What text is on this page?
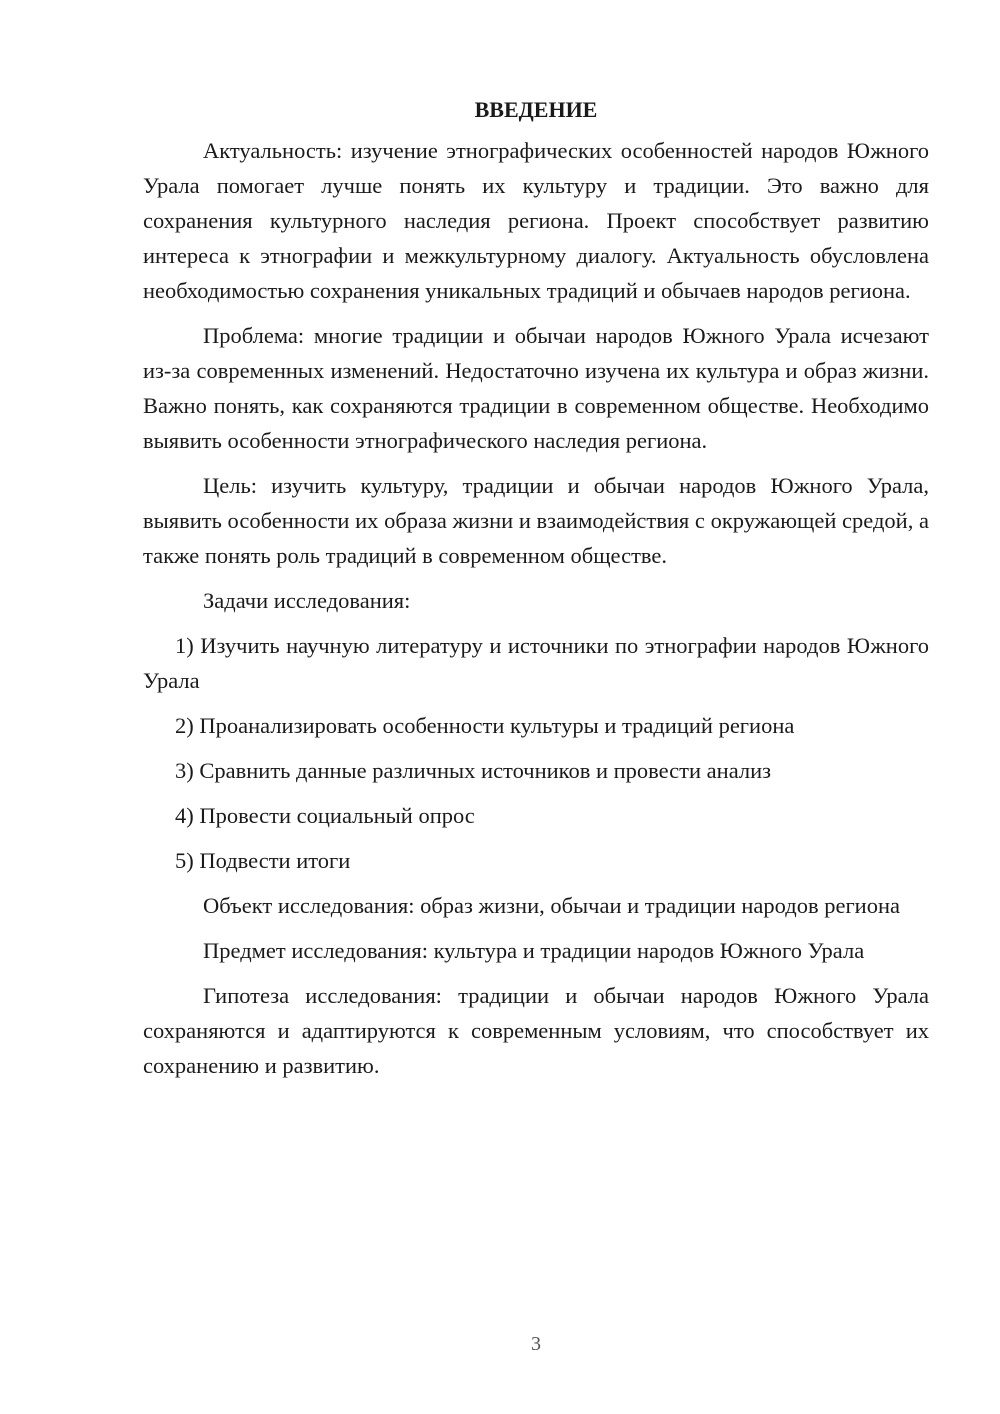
ВВЕДЕНИЕ

Актуальность: изучение этнографических особенностей народов Южного Урала помогает лучше понять их культуру и традиции. Это важно для сохранения культурного наследия региона. Проект способствует развитию интереса к этнографии и межкультурному диалогу. Актуальность обусловлена необходимостью сохранения уникальных традиций и обычаев народов региона.

Проблема: многие традиции и обычаи народов Южного Урала исчезают из-за современных изменений. Недостаточно изучена их культура и образ жизни. Важно понять, как сохраняются традиции в современном обществе. Необходимо выявить особенности этнографического наследия региона.

Цель: изучить культуру, традиции и обычаи народов Южного Урала, выявить особенности их образа жизни и взаимодействия с окружающей средой, а также понять роль традиций в современном обществе.

Задачи исследования:

1) Изучить научную литературу и источники по этнографии народов Южного Урала

2) Проанализировать особенности культуры и традиций региона

3) Сравнить данные различных источников и провести анализ

4) Провести социальный опрос

5) Подвести итоги

Объект исследования: образ жизни, обычаи и традиции народов региона

Предмет исследования: культура и традиции народов Южного Урала

Гипотеза исследования: традиции и обычаи народов Южного Урала сохраняются и адаптируются к современным условиям, что способствует их сохранению и развитию.

3
